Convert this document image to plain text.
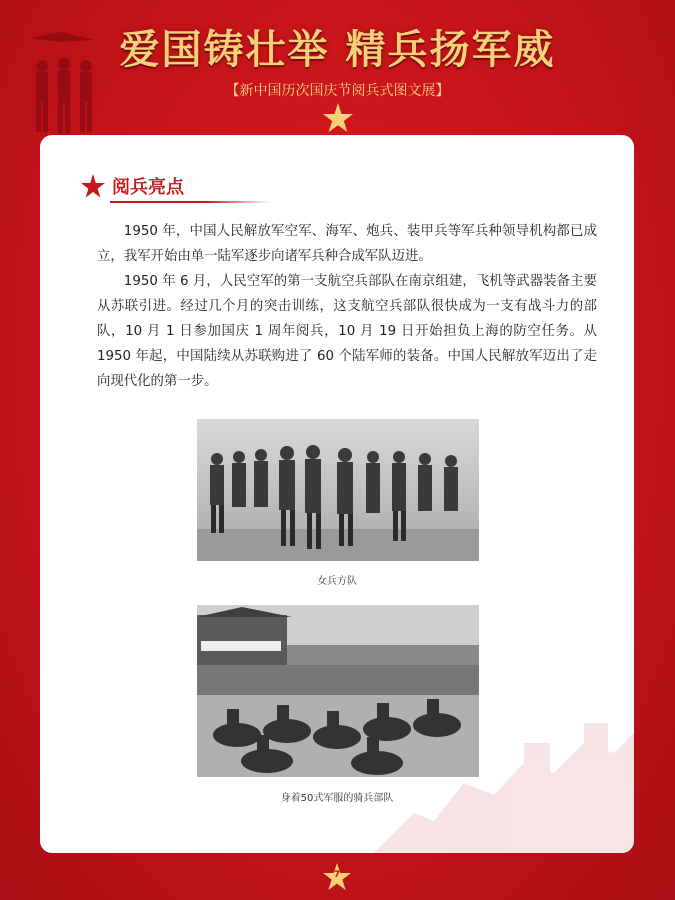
爱国铸壮举 精兵扬军威
【新中国历次国庆节阅兵式图文展】
阅兵亮点

1950 年，中国人民解放军空军、海军、炮兵、装甲兵等军兵种领导机构都已成立，我军开始由单一陆军逐步向诸军兵种合成军队迈进。

1950 年 6 月，人民空军的第一支航空兵部队在南京组建，飞机等武器装备主要从苏联引进。经过几个月的突击训练，这支航空兵部队很快成为一支有战斗力的部队，10 月 1 日参加国庆 1 周年阅兵，10 月 19 日开始担负上海的防空任务。从 1950 年起，中国陆续从苏联购进了 60 个陆军师的装备。中国人民解放军迈出了走向现代化的第一步。

女兵方队
身着50式军服的骑兵部队
7
